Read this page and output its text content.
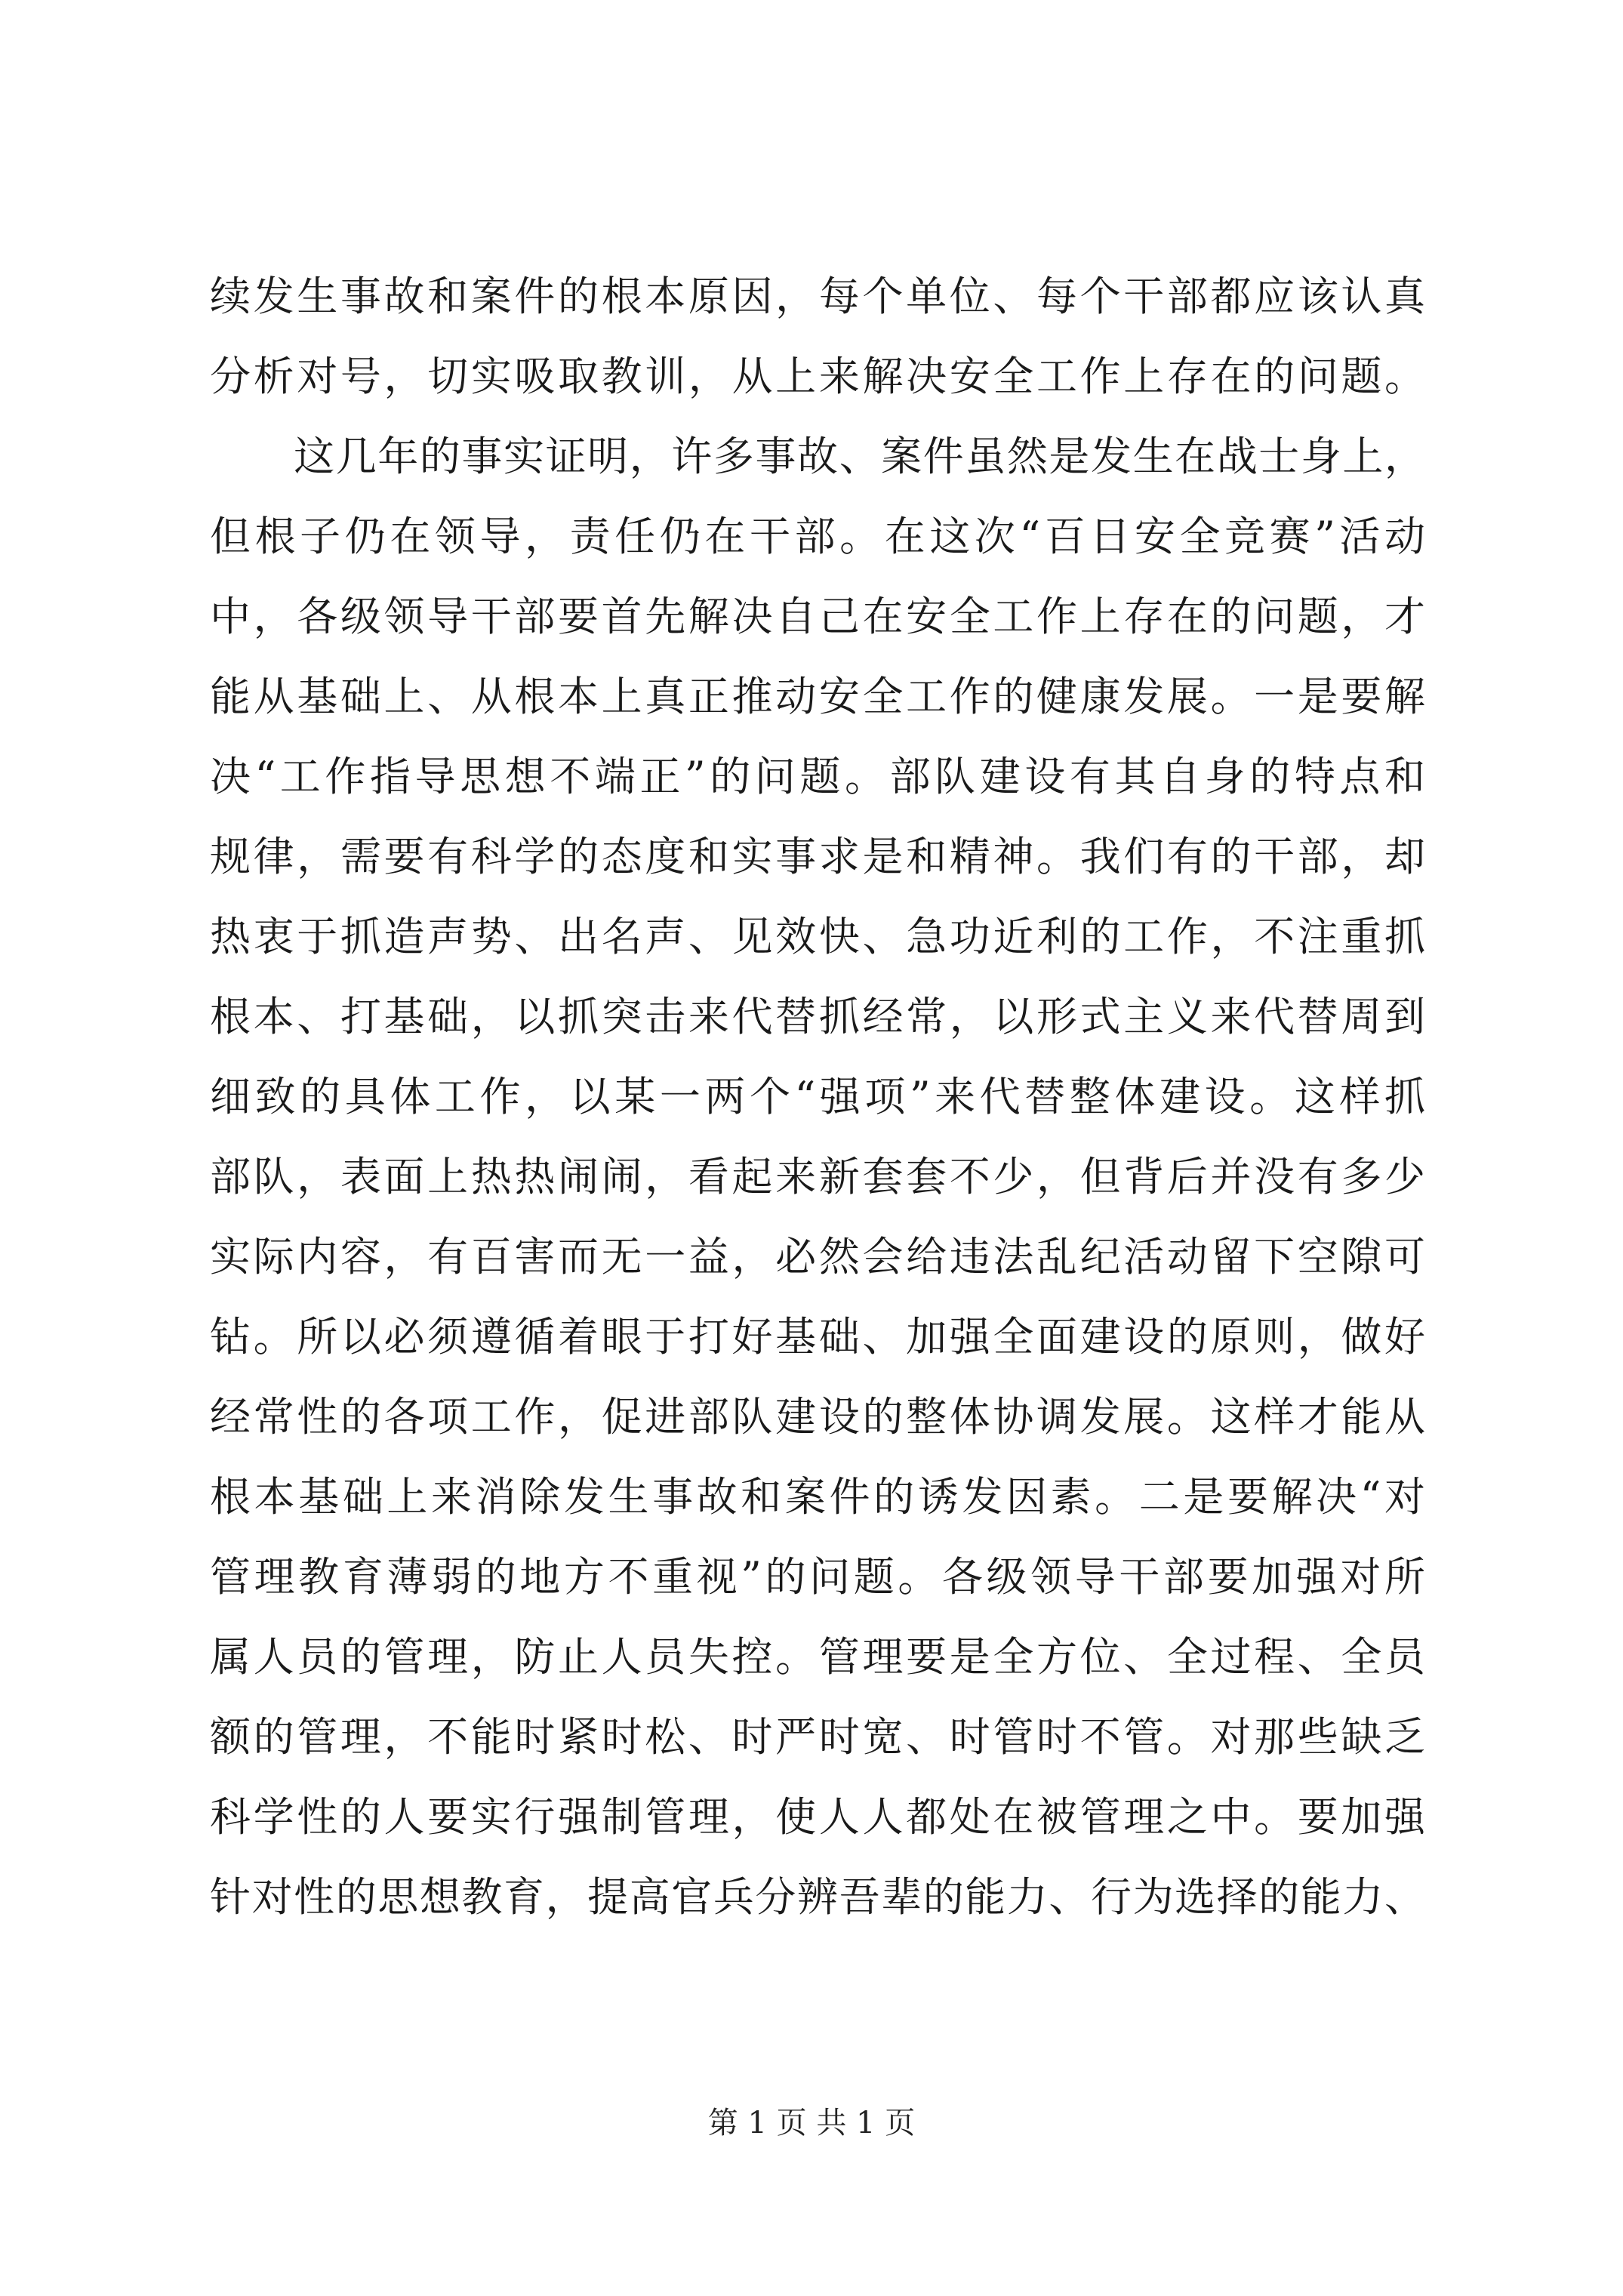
续发生事故和案件的根本原因，每个单位、每个干部都应该认真
分析对号，切实吸取教训，从上来解决安全工作上存在的问题。
　　这几年的事实证明，许多事故、案件虽然是发生在战士身上，
但根子仍在领导，责任仍在干部。在这次“百日安全竞赛”活动
中，各级领导干部要首先解决自己在安全工作上存在的问题，才
能从基础上、从根本上真正推动安全工作的健康发展。一是要解
决“工作指导思想不端正”的问题。部队建设有其自身的特点和
规律，需要有科学的态度和实事求是和精神。我们有的干部，却
热衷于抓造声势、出名声、见效快、急功近利的工作，不注重抓
根本、打基础，以抓突击来代替抓经常，以形式主义来代替周到
细致的具体工作，以某一两个“强项”来代替整体建设。这样抓
部队，表面上热热闹闹，看起来新套套不少，但背后并没有多少
实际内容，有百害而无一益，必然会给违法乱纪活动留下空隙可
钻。所以必须遵循着眼于打好基础、加强全面建设的原则，做好
经常性的各项工作，促进部队建设的整体协调发展。这样才能从
根本基础上来消除发生事故和案件的诱发因素。二是要解决“对
管理教育薄弱的地方不重视”的问题。各级领导干部要加强对所
属人员的管理，防止人员失控。管理要是全方位、全过程、全员
额的管理，不能时紧时松、时严时宽、时管时不管。对那些缺乏
科学性的人要实行强制管理，使人人都处在被管理之中。要加强
针对性的思想教育，提高官兵分辨吾辈的能力、行为选择的能力、
第 1 页 共 1 页
